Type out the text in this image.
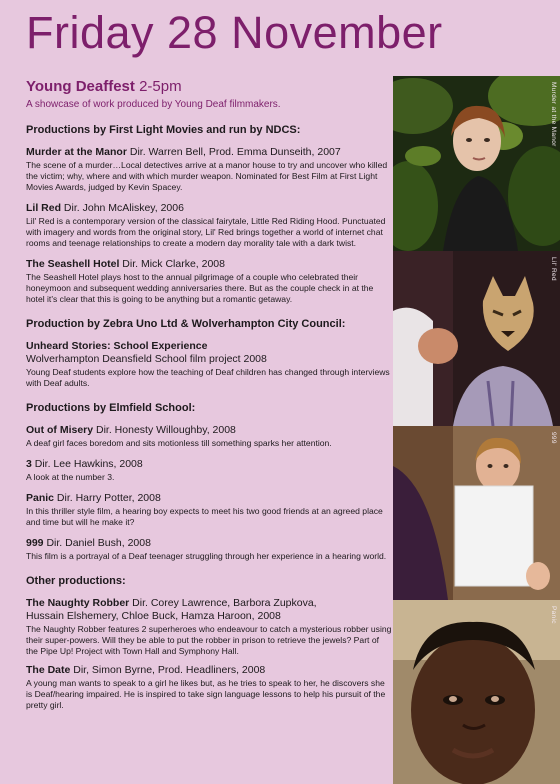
Friday 28 November
Young Deaffest 2-5pm
A showcase of work produced by Young Deaf filmmakers.
Productions by First Light Movies and run by NDCS:
Murder at the Manor Dir. Warren Bell, Prod. Emma Dunseith, 2007
The scene of a murder…Local detectives arrive at a manor house to try and uncover who killed the victim; why, where and with which murder weapon. Nominated for Best Film at First Light Movies Awards, judged by Kevin Spacey.
Lil Red Dir. John McAliskey, 2006
Lil' Red is a contemporary version of the classical fairytale, Little Red Riding Hood. Punctuated with imagery and words from the original story, Lil' Red brings together a world of internet chat rooms and teenage relationships to create a modern day morality tale with a dark twist.
The Seashell Hotel Dir. Mick Clarke, 2008
The Seashell Hotel plays host to the annual pilgrimage of a couple who celebrated their honeymoon and subsequent wedding anniversaries there. But as the couple check in at the hotel it's clear that this is going to be anything but a romantic getaway.
Production by Zebra Uno Ltd & Wolverhampton City Council:
Unheard Stories: School Experience
Wolverhampton Deansfield School film project 2008
Young Deaf students explore how the teaching of Deaf children has changed through interviews with Deaf adults.
Productions by Elmfield School:
Out of Misery Dir. Honesty Willoughby, 2008
A deaf girl faces boredom and sits motionless till something sparks her attention.
3 Dir. Lee Hawkins, 2008
A look at the number 3.
Panic Dir. Harry Potter, 2008
In this thriller style film, a hearing boy expects to meet his two good friends at an agreed place and time but will he make it?
999 Dir. Daniel Bush, 2008
This film is a portrayal of a Deaf teenager struggling through her experience in a hearing world.
Other productions:
The Naughty Robber Dir. Corey Lawrence, Barbora Zupkova,
Hussain Elshemery, Chloe Buck, Hamza Haroon, 2008
The Naughty Robber features 2 superheroes who endeavour to catch a mysterious robber using their super-powers. Will they be able to put the robber in prison to retrieve the jewels? Part of the Pipe Up! Project with Town Hall and Symphony Hall.
The Date Dir, Simon Byrne, Prod. Headliners, 2008
A young man wants to speak to a girl he likes but, as he tries to speak to her, he discovers she is Deaf/hearing impaired. He is inspired to take sign language lessons to help his pursuit of the pretty girl.
Murder at the Manor
Lil' Red
999
Panic
